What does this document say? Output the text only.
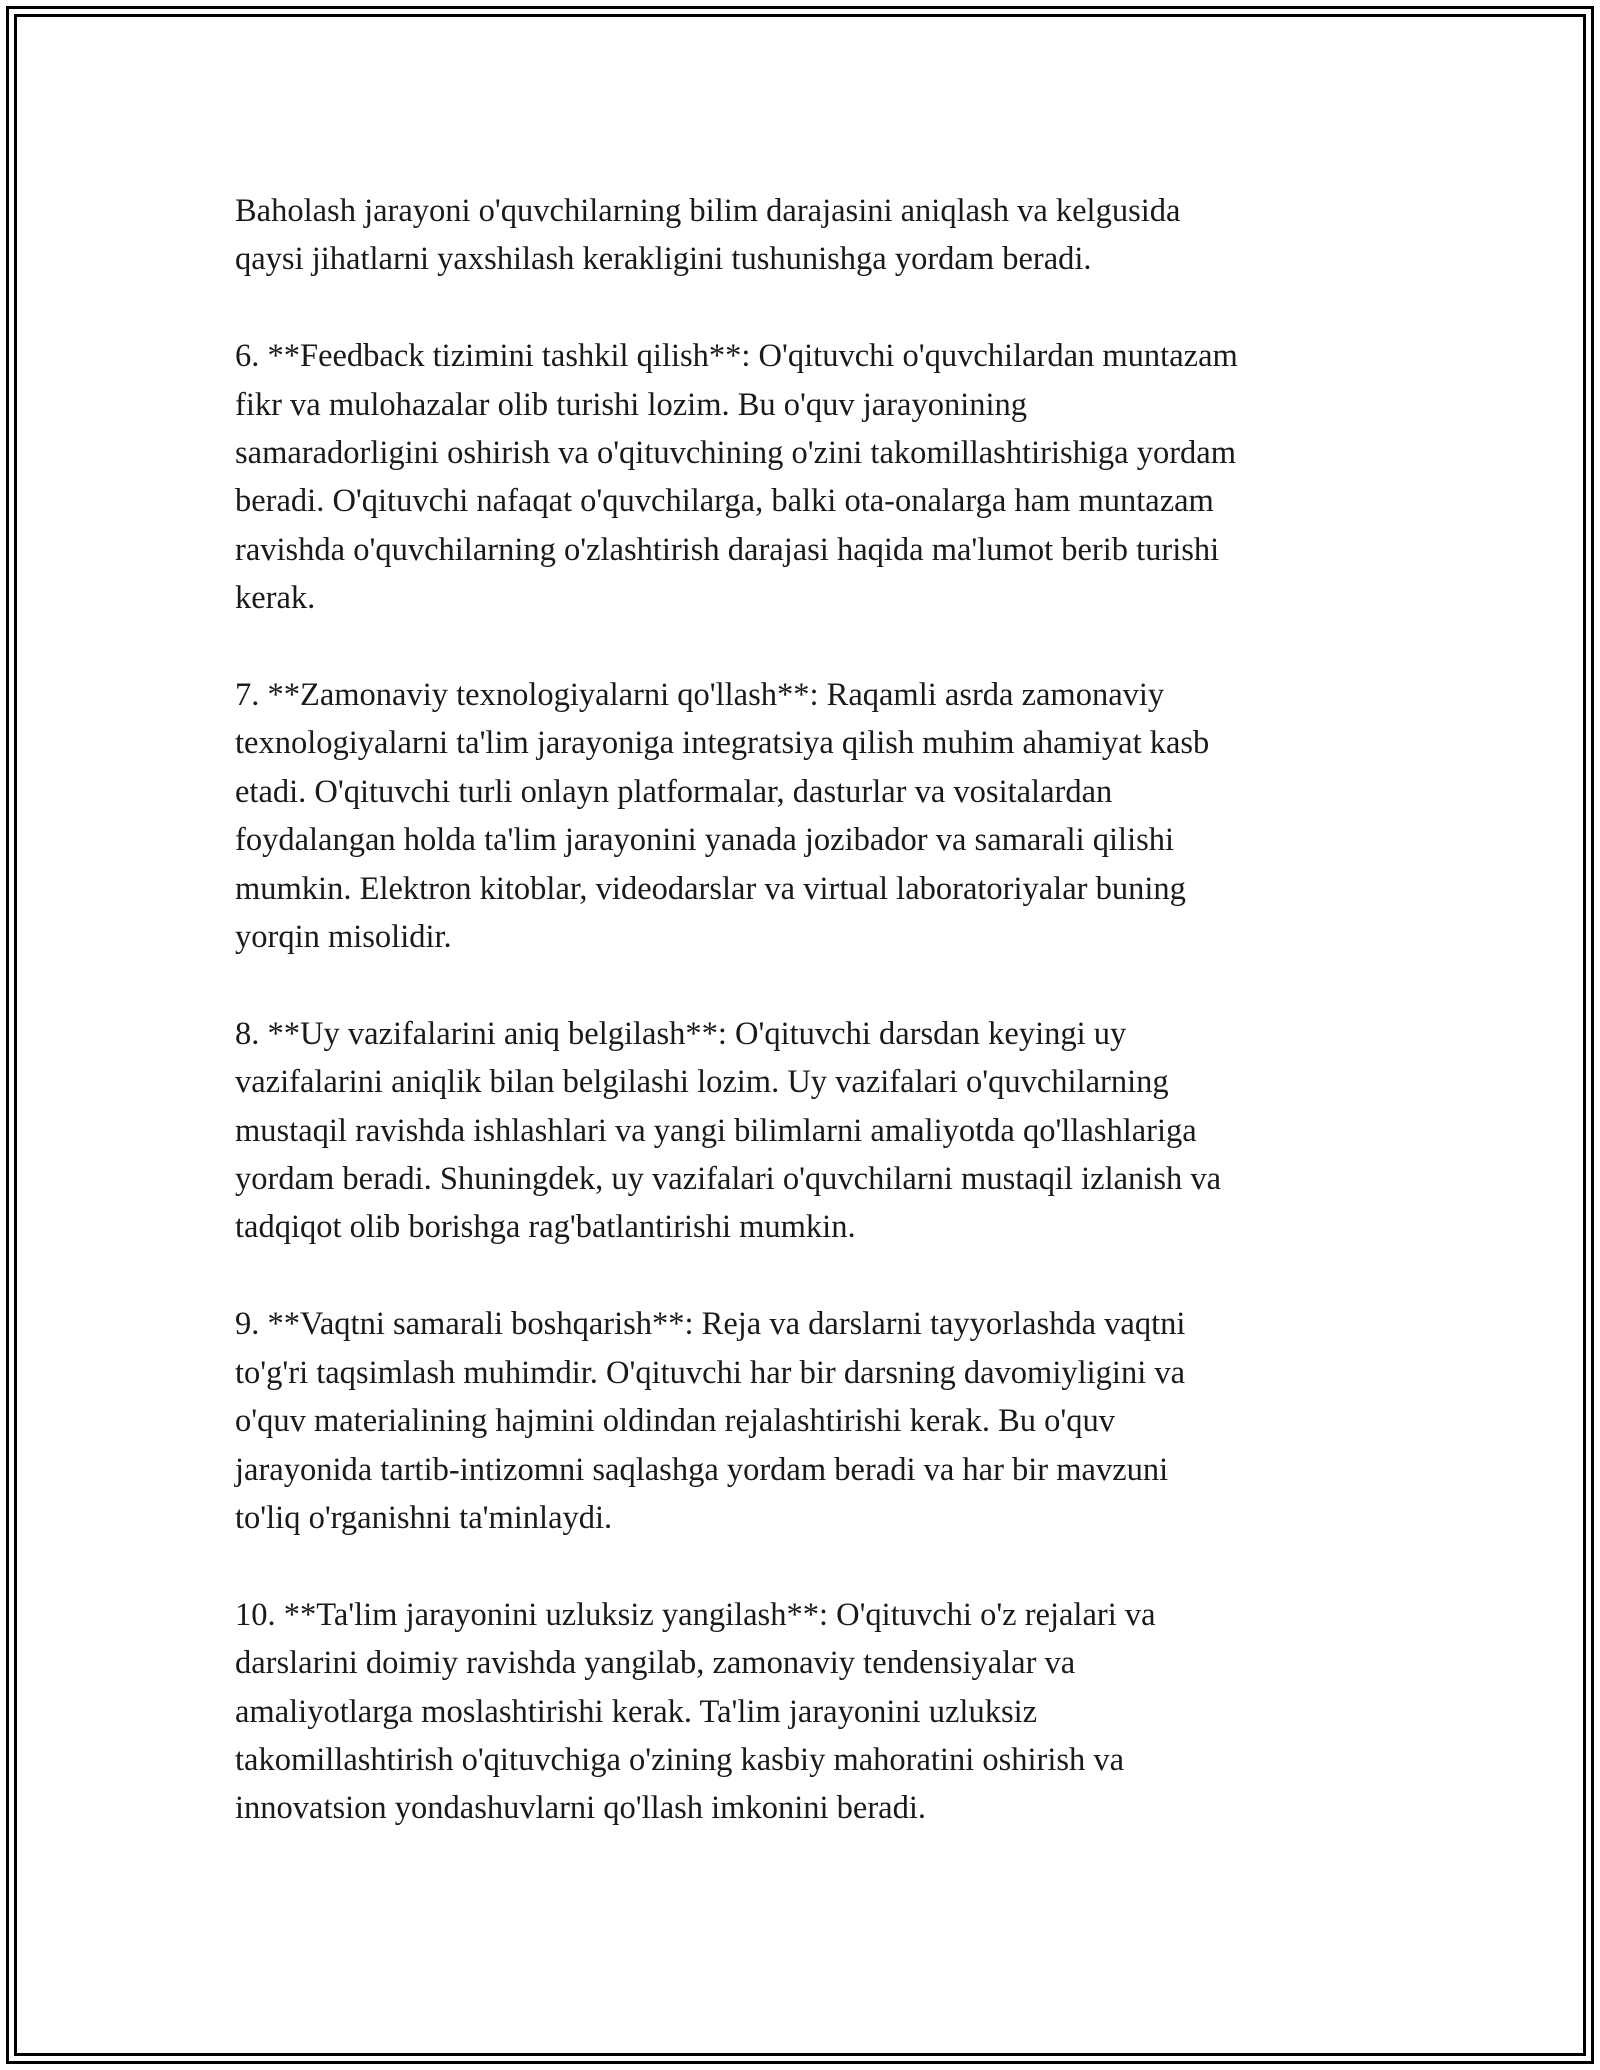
Baholash jarayoni o'quvchilarning bilim darajasini aniqlash va kelgusida
qaysi jihatlarni yaxshilash kerakligini tushunishga yordam beradi.

6. **Feedback tizimini tashkil qilish**: O'qituvchi o'quvchilardan muntazam
fikr va mulohazalar olib turishi lozim. Bu o'quv jarayonining
samaradorligini oshirish va o'qituvchining o'zini takomillashtirishiga yordam
beradi. O'qituvchi nafaqat o'quvchilarga, balki ota-onalarga ham muntazam
ravishda o'quvchilarning o'zlashtirish darajasi haqida ma'lumot berib turishi
kerak.

7. **Zamonaviy texnologiyalarni qo'llash**: Raqamli asrda zamonaviy
texnologiyalarni ta'lim jarayoniga integratsiya qilish muhim ahamiyat kasb
etadi. O'qituvchi turli onlayn platformalar, dasturlar va vositalardan
foydalangan holda ta'lim jarayonini yanada jozibador va samarali qilishi
mumkin. Elektron kitoblar, videodarslar va virtual laboratoriyalar buning
yorqin misolidir.

8. **Uy vazifalarini aniq belgilash**: O'qituvchi darsdan keyingi uy
vazifalarini aniqlik bilan belgilashi lozim. Uy vazifalari o'quvchilarning
mustaqil ravishda ishlashlari va yangi bilimlarni amaliyotda qo'llashlariga
yordam beradi. Shuningdek, uy vazifalari o'quvchilarni mustaqil izlanish va
tadqiqot olib borishga rag'batlantirishi mumkin.

9. **Vaqtni samarali boshqarish**: Reja va darslarni tayyorlashda vaqtni
to'g'ri taqsimlash muhimdir. O'qituvchi har bir darsning davomiyligini va
o'quv materialining hajmini oldindan rejalashtirishi kerak. Bu o'quv
jarayonida tartib-intizomni saqlashga yordam beradi va har bir mavzuni
to'liq o'rganishni ta'minlaydi.

10. **Ta'lim jarayonini uzluksiz yangilash**: O'qituvchi o'z rejalari va
darslarini doimiy ravishda yangilab, zamonaviy tendensiyalar va
amaliyotlarga moslashtirishi kerak. Ta'lim jarayonini uzluksiz
takomillashtirish o'qituvchiga o'zining kasbiy mahoratini oshirish va
innovatsion yondashuvlarni qo'llash imkonini beradi.
